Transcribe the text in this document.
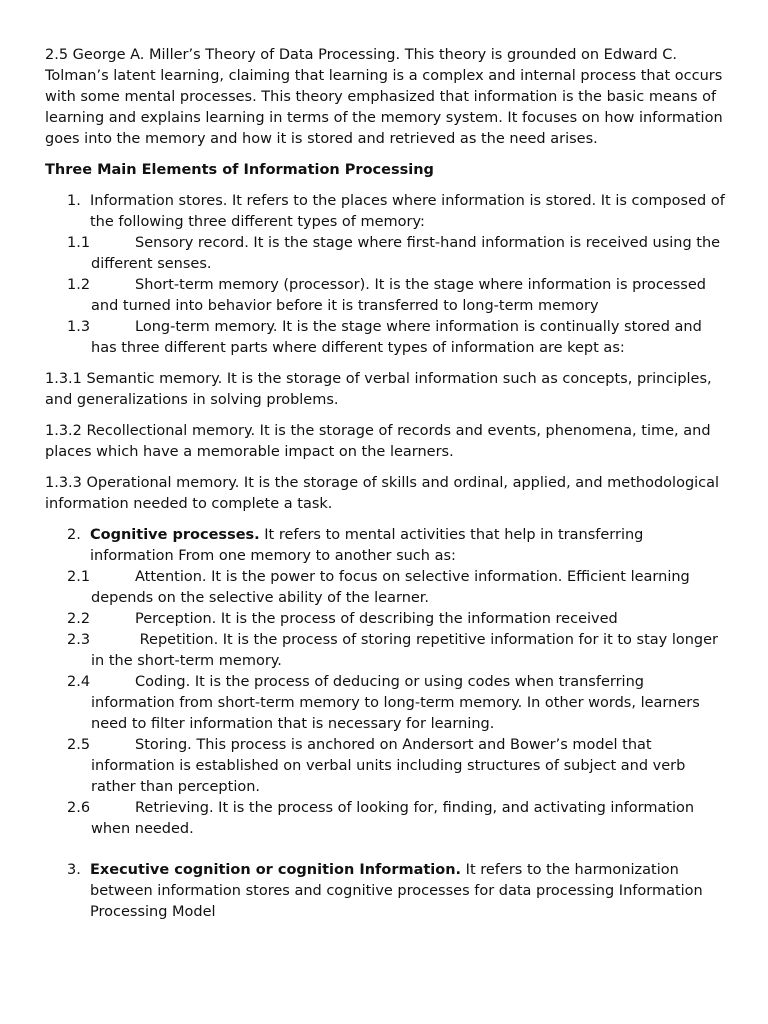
2.5 George A. Miller’s Theory of Data Processing. This theory is grounded on Edward C. Tolman’s latent learning, claiming that learning is a complex and internal process that occurs with some mental processes. This theory emphasized that information is the basic means of learning and explains learning in terms of the memory system. It focuses on how information goes into the memory and how it is stored and retrieved as the need arises.

Three Main Elements of Information Processing

1. Information stores. It refers to the places where information is stored. It is composed of the following three different types of memory:
1.1	Sensory record. It is the stage where first-hand information is received using the different senses.
1.2	Short-term memory (processor). It is the stage where information is processed and turned into behavior before it is transferred to long-term memory
1.3	Long-term memory. It is the stage where information is continually stored and has three different parts where different types of information are kept as:

1.3.1 Semantic memory. It is the storage of verbal information such as concepts, principles, and generalizations in solving problems.

1.3.2 Recollectional memory. It is the storage of records and events, phenomena, time, and places which have a memorable impact on the learners.

1.3.3 Operational memory. It is the storage of skills and ordinal, applied, and methodological information needed to complete a task.

2. Cognitive processes. It refers to mental activities that help in transferring information From one memory to another such as:
2.1	Attention. It is the power to focus on selective information. Efficient learning depends on the selective ability of the learner.
2.2	Perception. It is the process of describing the information received
2.3	Repetition. It is the process of storing repetitive information for it to stay longer in the short-term memory.
2.4	Coding. It is the process of deducing or using codes when transferring information from short-term memory to long-term memory. In other words, learners need to filter information that is necessary for learning.
2.5	Storing. This process is anchored on Andersort and Bower’s model that information is established on verbal units including structures of subject and verb rather than perception.
2.6	Retrieving. It is the process of looking for, finding, and activating information when needed.
3. Executive cognition or cognition Information. It refers to the harmonization between information stores and cognitive processes for data processing Information Processing Model
